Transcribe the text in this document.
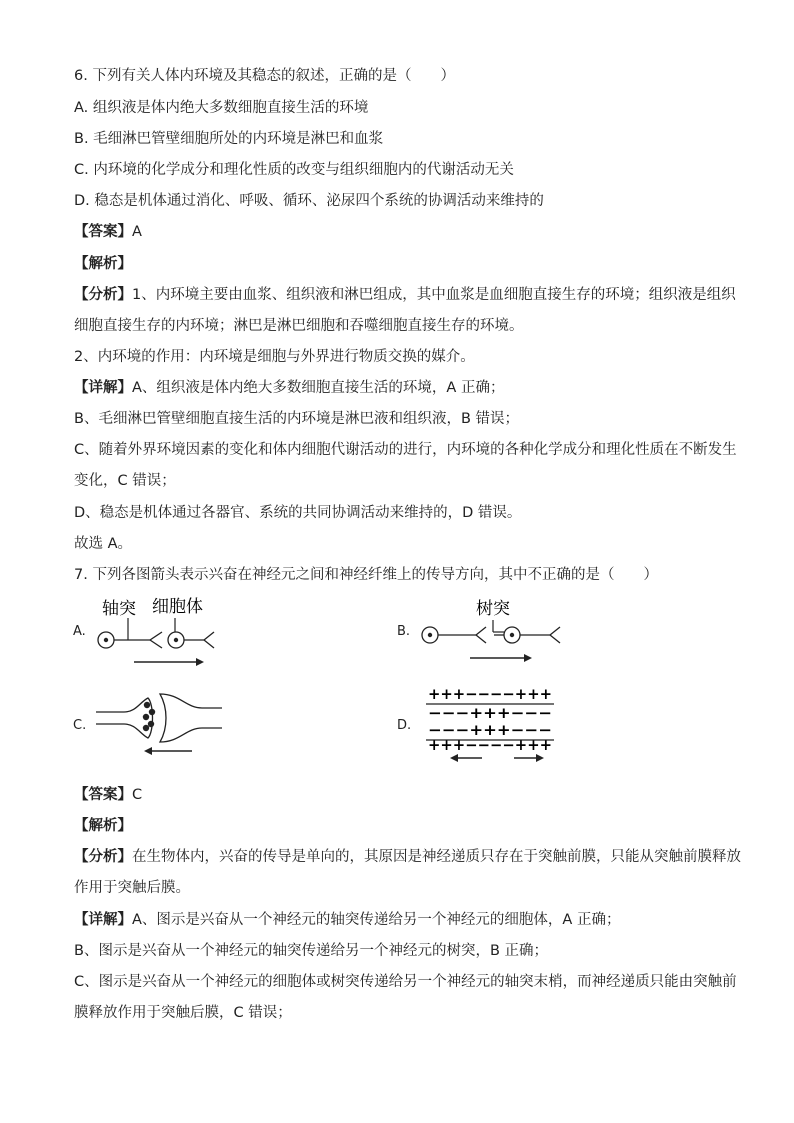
6. 下列有关人体内环境及其稳态的叙述，正确的是（　　）
A. 组织液是体内绝大多数细胞直接生活的环境
B. 毛细淋巴管壁细胞所处的内环境是淋巴和血浆
C. 内环境的化学成分和理化性质的改变与组织细胞内的代谢活动无关
D. 稳态是机体通过消化、呼吸、循环、泌尿四个系统的协调活动来维持的
【答案】A
【解析】
【分析】1、内环境主要由血浆、组织液和淋巴组成，其中血浆是血细胞直接生存的环境；组织液是组织
细胞直接生存的内环境；淋巴是淋巴细胞和吞噬细胞直接生存的环境。
2、内环境的作用：内环境是细胞与外界进行物质交换的媒介。
【详解】A、组织液是体内绝大多数细胞直接生活的环境，A 正确；
B、毛细淋巴管壁细胞直接生活的内环境是淋巴液和组织液，B 错误；
C、随着外界环境因素的变化和体内细胞代谢活动的进行，内环境的各种化学成分和理化性质在不断发生
变化，C 错误；
D、稳态是机体通过各器官、系统的共同协调活动来维持的，D 错误。
故选 A。
7. 下列各图箭头表示兴奋在神经元之间和神经纤维上的传导方向，其中不正确的是（　　）
A.
轴突 细胞体
B.
树突
C.	D.
+++−−−−+++
−−−+++−−−
−−−+++−−−
+++−−−−+++
【答案】C
【解析】
【分析】在生物体内，兴奋的传导是单向的，其原因是神经递质只存在于突触前膜，只能从突触前膜释放
作用于突触后膜。
【详解】A、图示是兴奋从一个神经元的轴突传递给另一个神经元的细胞体，A 正确；
B、图示是兴奋从一个神经元的轴突传递给另一个神经元的树突，B 正确；
C、图示是兴奋从一个神经元的细胞体或树突传递给另一个神经元的轴突末梢，而神经递质只能由突触前
膜释放作用于突触后膜，C 错误；
